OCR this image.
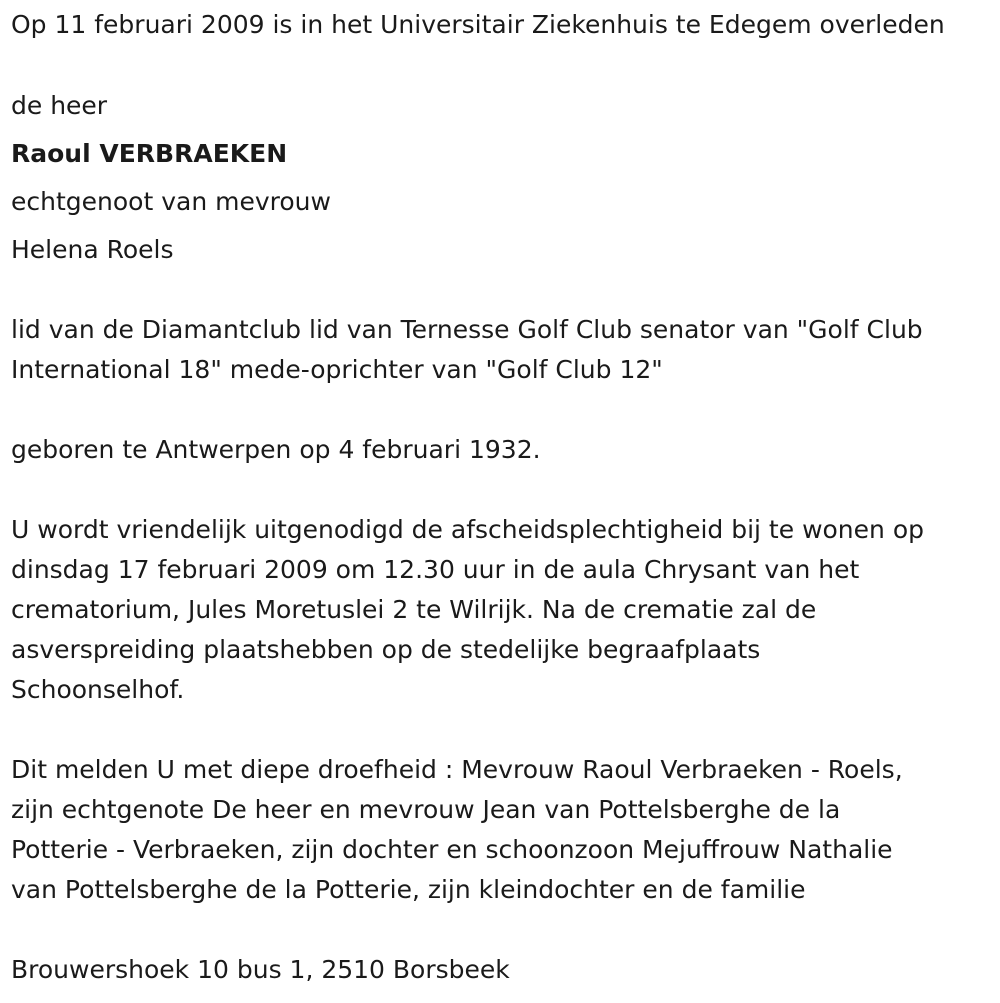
Op 11 februari 2009 is in het Universitair Ziekenhuis te Edegem overleden
de heer
Raoul VERBRAEKEN
echtgenoot van mevrouw
Helena Roels
lid van de Diamantclub lid van Ternesse Golf Club senator van "Golf Club
International 18" mede-oprichter van "Golf Club 12"
geboren te Antwerpen op 4 februari 1932.
U wordt vriendelijk uitgenodigd de afscheidsplechtigheid bij te wonen op
dinsdag 17 februari 2009 om 12.30 uur in de aula Chrysant van het
crematorium, Jules Moretuslei 2 te Wilrijk. Na de crematie zal de
asverspreiding plaatshebben op de stedelijke begraafplaats
Schoonselhof.
Dit melden U met diepe droefheid : Mevrouw Raoul Verbraeken - Roels,
zijn echtgenote De heer en mevrouw Jean van Pottelsberghe de la
Potterie - Verbraeken, zijn dochter en schoonzoon Mejuffrouw Nathalie
van Pottelsberghe de la Potterie, zijn kleindochter en de familie
Brouwershoek 10 bus 1, 2510 Borsbeek
